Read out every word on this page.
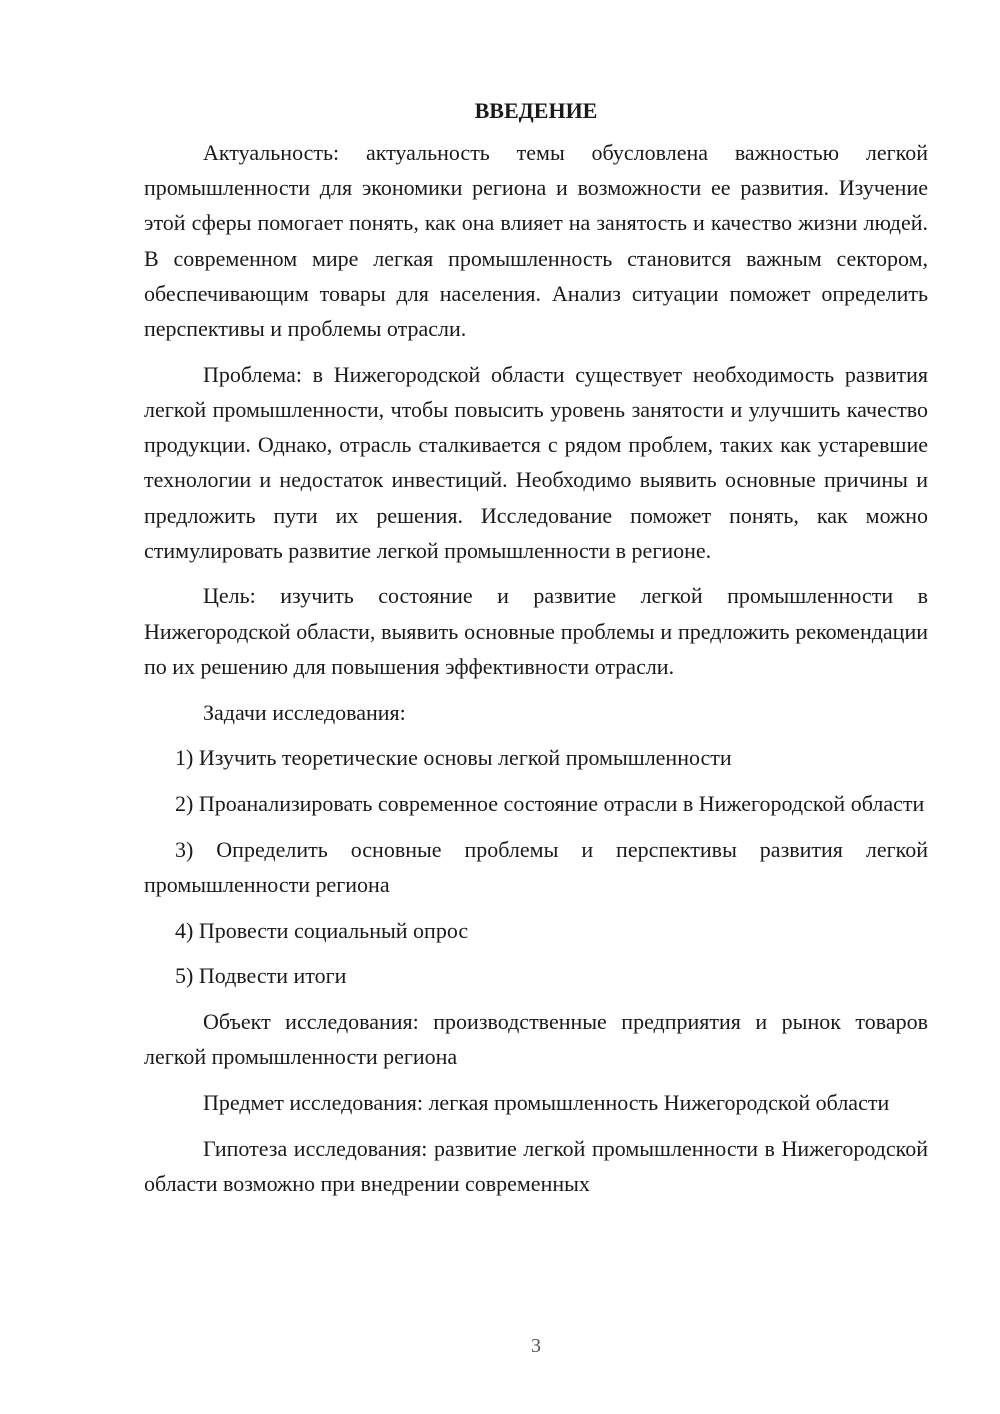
ВВЕДЕНИЕ

Актуальность: актуальность темы обусловлена важностью легкой промышленности для экономики региона и возможности ее развития. Изучение этой сферы помогает понять, как она влияет на занятость и качество жизни людей. В современном мире легкая промышленность становится важным сектором, обеспечивающим товары для населения. Анализ ситуации поможет определить перспективы и проблемы отрасли.

Проблема: в Нижегородской области существует необходимость развития легкой промышленности, чтобы повысить уровень занятости и улучшить качество продукции. Однако, отрасль сталкивается с рядом проблем, таких как устаревшие технологии и недостаток инвестиций. Необходимо выявить основные причины и предложить пути их решения. Исследование поможет понять, как можно стимулировать развитие легкой промышленности в регионе.

Цель: изучить состояние и развитие легкой промышленности в Нижегородской области, выявить основные проблемы и предложить рекомендации по их решению для повышения эффективности отрасли.

Задачи исследования:

1) Изучить теоретические основы легкой промышленности

2) Проанализировать современное состояние отрасли в Нижегородской области

3) Определить основные проблемы и перспективы развития легкой промышленности региона

4) Провести социальный опрос

5) Подвести итоги

Объект исследования: производственные предприятия и рынок товаров легкой промышленности региона

Предмет исследования: легкая промышленность Нижегородской области

Гипотеза исследования: развитие легкой промышленности в Нижегородской области возможно при внедрении современных

3
